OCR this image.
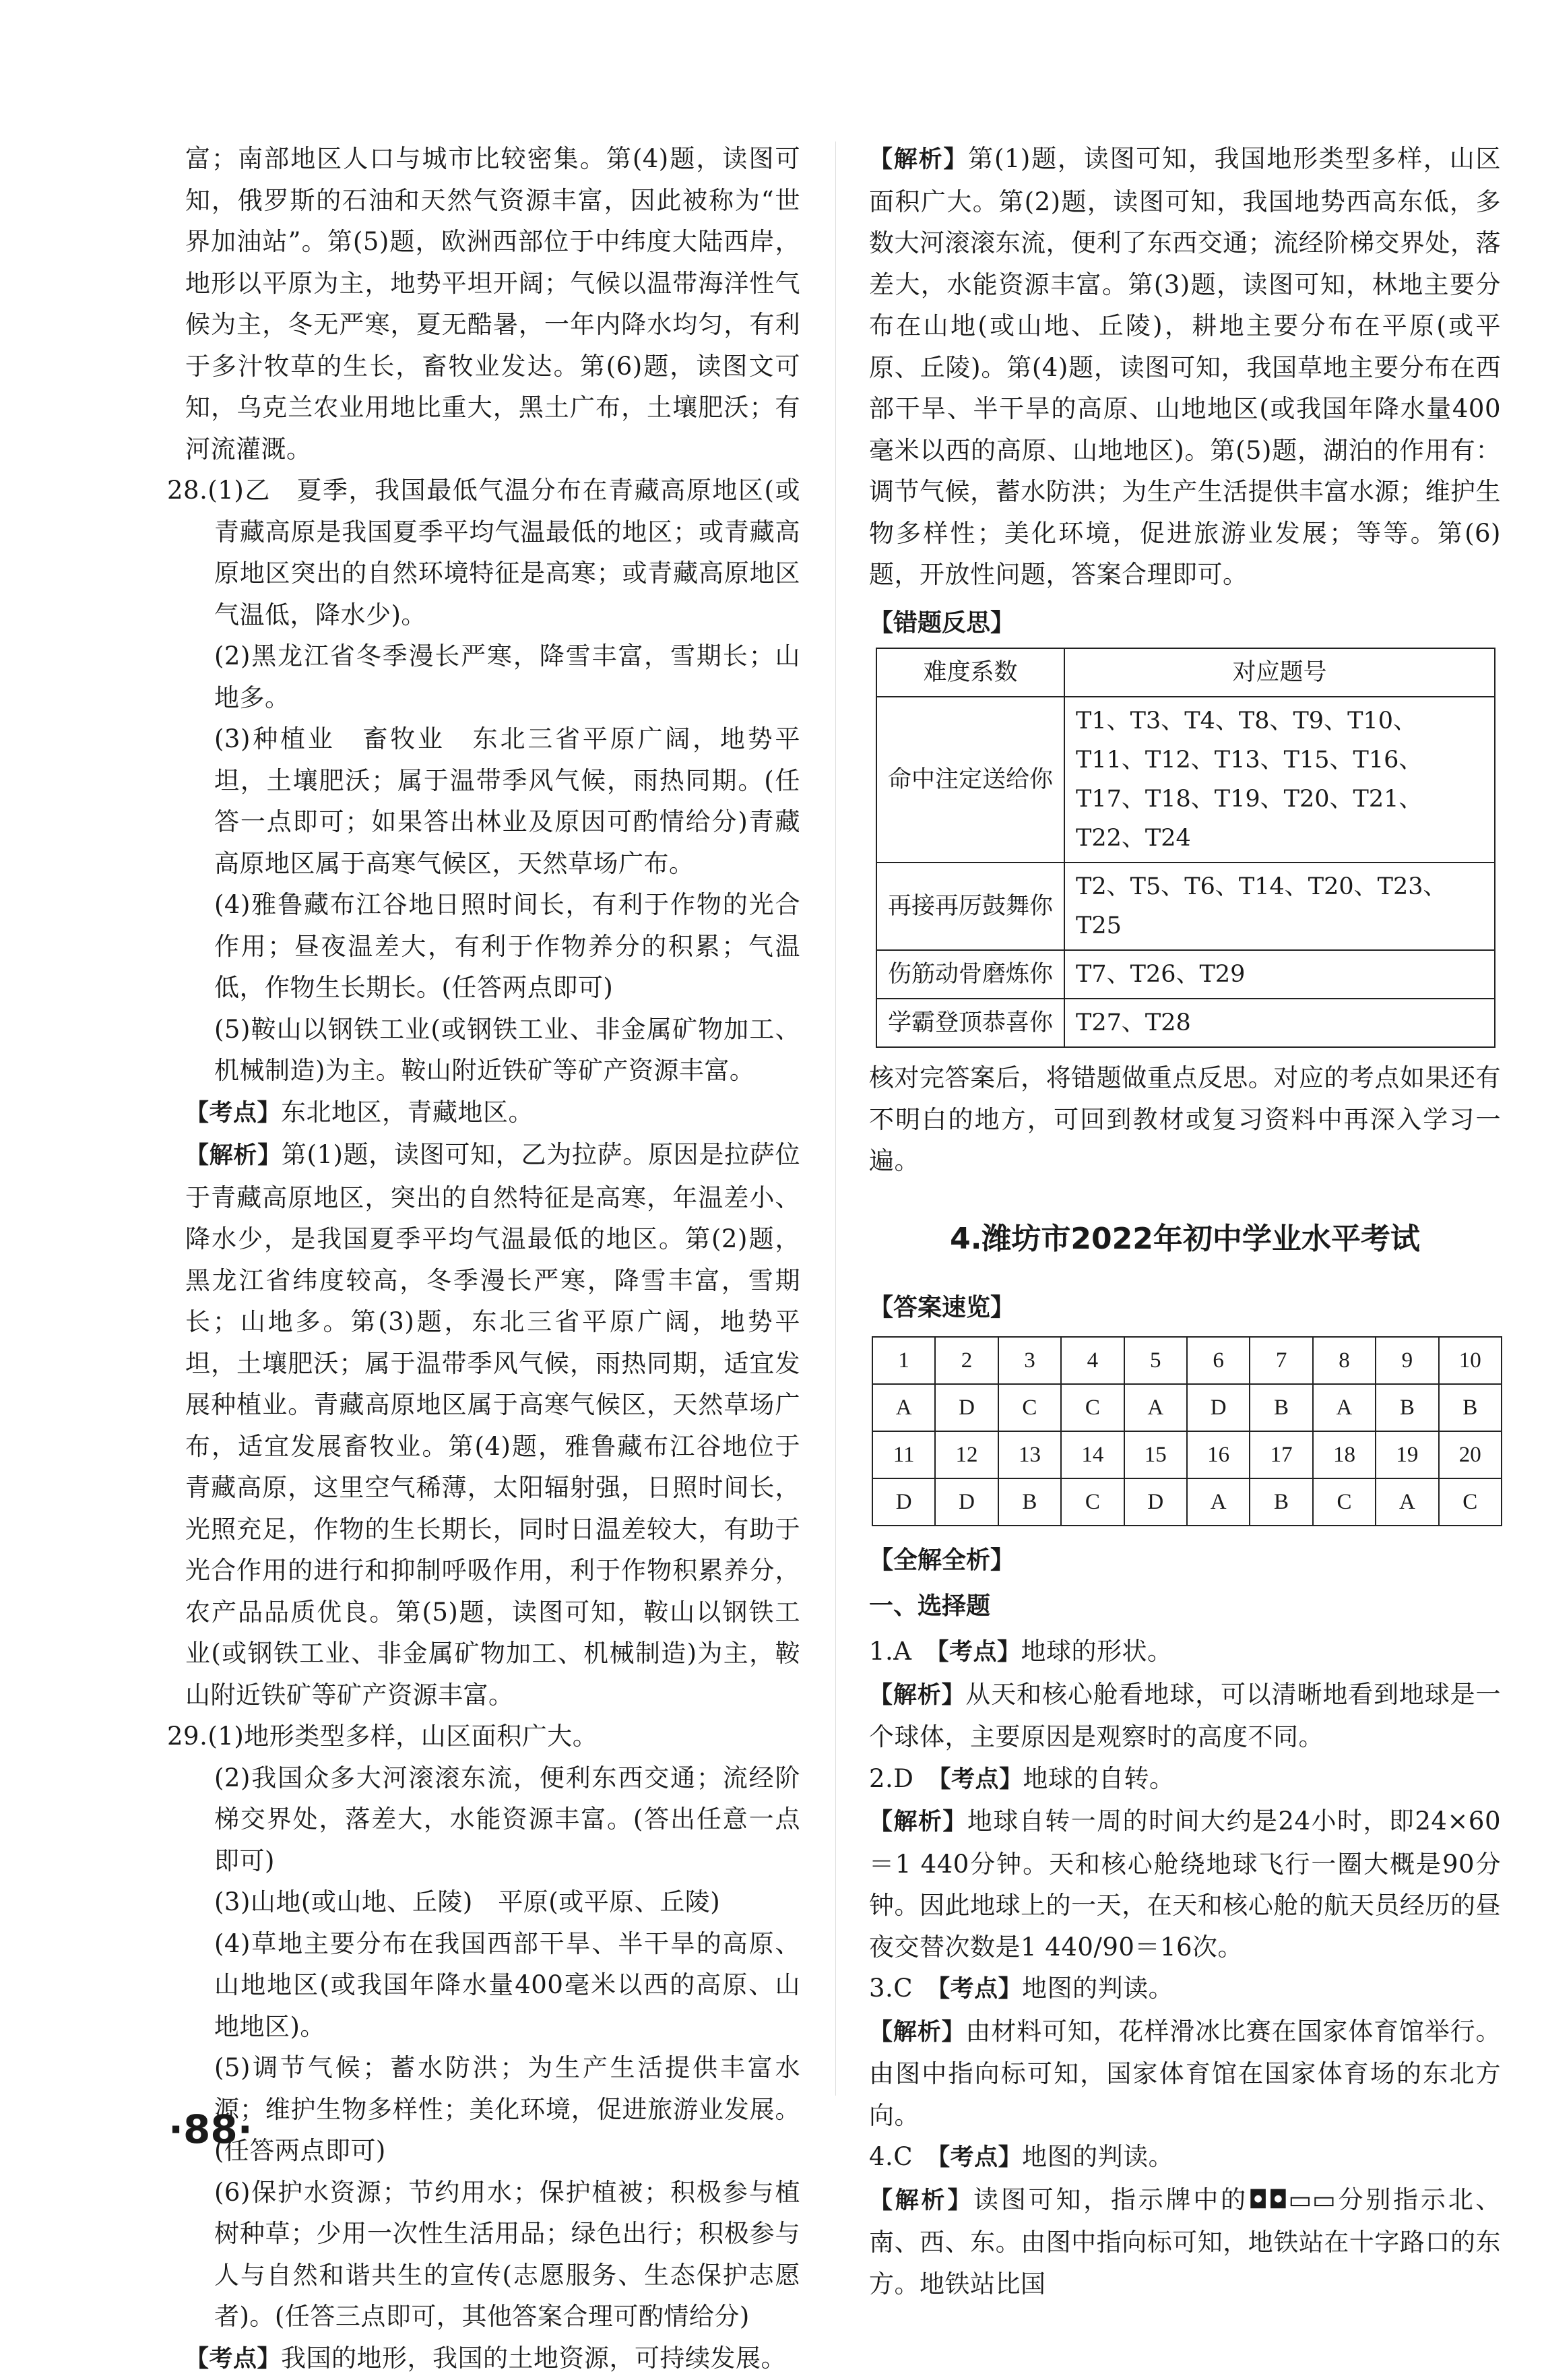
富；南部地区人口与城市比较密集。第(4)题，读图可知，俄罗斯的石油和天然气资源丰富，因此被称为“世界加油站”。第(5)题，欧洲西部位于中纬度大陆西岸，地形以平原为主，地势平坦开阔；气候以温带海洋性气候为主，冬无严寒，夏无酷暑，一年内降水均匀，有利于多汁牧草的生长，畜牧业发达。第(6)题，读图文可知，乌克兰农业用地比重大，黑土广布，土壤肥沃；有河流灌溉。

28.(1)乙　夏季，我国最低气温分布在青藏高原地区(或青藏高原是我国夏季平均气温最低的地区；或青藏高原地区突出的自然环境特征是高寒；或青藏高原地区气温低，降水少)。

(2)黑龙江省冬季漫长严寒，降雪丰富，雪期长；山地多。

(3)种植业　畜牧业　东北三省平原广阔，地势平坦，土壤肥沃；属于温带季风气候，雨热同期。(任答一点即可；如果答出林业及原因可酌情给分)青藏高原地区属于高寒气候区，天然草场广布。

(4)雅鲁藏布江谷地日照时间长，有利于作物的光合作用；昼夜温差大，有利于作物养分的积累；气温低，作物生长期长。(任答两点即可)

(5)鞍山以钢铁工业(或钢铁工业、非金属矿物加工、机械制造)为主。鞍山附近铁矿等矿产资源丰富。

【考点】东北地区，青藏地区。

【解析】第(1)题，读图可知，乙为拉萨。原因是拉萨位于青藏高原地区，突出的自然特征是高寒，年温差小、降水少，是我国夏季平均气温最低的地区。第(2)题，黑龙江省纬度较高，冬季漫长严寒，降雪丰富，雪期长；山地多。第(3)题，东北三省平原广阔，地势平坦，土壤肥沃；属于温带季风气候，雨热同期，适宜发展种植业。青藏高原地区属于高寒气候区，天然草场广布，适宜发展畜牧业。第(4)题，雅鲁藏布江谷地位于青藏高原，这里空气稀薄，太阳辐射强，日照时间长，光照充足，作物的生长期长，同时日温差较大，有助于光合作用的进行和抑制呼吸作用，利于作物积累养分，农产品品质优良。第(5)题，读图可知，鞍山以钢铁工业(或钢铁工业、非金属矿物加工、机械制造)为主，鞍山附近铁矿等矿产资源丰富。

29.(1)地形类型多样，山区面积广大。

(2)我国众多大河滚滚东流，便利东西交通；流经阶梯交界处，落差大，水能资源丰富。(答出任意一点即可)

(3)山地(或山地、丘陵)　平原(或平原、丘陵)

(4)草地主要分布在我国西部干旱、半干旱的高原、山地地区(或我国年降水量400毫米以西的高原、山地地区)。

(5)调节气候；蓄水防洪；为生产生活提供丰富水源；维护生物多样性；美化环境，促进旅游业发展。(任答两点即可)

(6)保护水资源；节约用水；保护植被；积极参与植树种草；少用一次性生活用品；绿色出行；积极参与人与自然和谐共生的宣传(志愿服务、生态保护志愿者)。(任答三点即可，其他答案合理可酌情给分)

【考点】我国的地形，我国的土地资源，可持续发展。

【解析】第(1)题，读图可知，我国地形类型多样，山区面积广大。第(2)题，读图可知，我国地势西高东低，多数大河滚滚东流，便利了东西交通；流经阶梯交界处，落差大，水能资源丰富。第(3)题，读图可知，林地主要分布在山地(或山地、丘陵)，耕地主要分布在平原(或平原、丘陵)。第(4)题，读图可知，我国草地主要分布在西部干旱、半干旱的高原、山地地区(或我国年降水量400毫米以西的高原、山地地区)。第(5)题，湖泊的作用有：调节气候，蓄水防洪；为生产生活提供丰富水源；维护生物多样性；美化环境，促进旅游业发展；等等。第(6)题，开放性问题，答案合理即可。

【错题反思】
难度系数	对应题号
命中注定送给你	T1、T3、T4、T8、T9、T10、T11、T12、T13、T15、T16、T17、T18、T19、T20、T21、T22、T24
再接再厉鼓舞你	T2、T5、T6、T14、T20、T23、T25
伤筋动骨磨炼你	T7、T26、T29
学霸登顶恭喜你	T27、T28

核对完答案后，将错题做重点反思。对应的考点如果还有不明白的地方，可回到教材或复习资料中再深入学习一遍。

4.潍坊市2022年初中学业水平考试
【答案速览】
1	2	3	4	5	6	7	8	9	10
A	D	C	C	A	D	B	A	B	B
11	12	13	14	15	16	17	18	19	20
D	D	B	C	D	A	B	C	A	C
【全解全析】
一、选择题

1.A　 【考点】地球的形状。

【解析】从天和核心舱看地球，可以清晰地看到地球是一个球体，主要原因是观察时的高度不同。

2.D　 【考点】地球的自转。

【解析】地球自转一周的时间大约是24小时，即24×60＝1 440分钟。天和核心舱绕地球飞行一圈大概是90分钟。因此地球上的一天，在天和核心舱的航天员经历的昼夜交替次数是1 440/90＝16次。

3.C　 【考点】地图的判读。

【解析】由材料可知，花样滑冰比赛在国家体育馆举行。由图中指向标可知，国家体育馆在国家体育场的东北方向。

4.C　 【考点】地图的判读。

【解析】读图可知，指示牌中的◘◘▭▭分别指示北、南、西、东。由图中指向标可知，地铁站在十字路口的东方。地铁站比国

·88·
